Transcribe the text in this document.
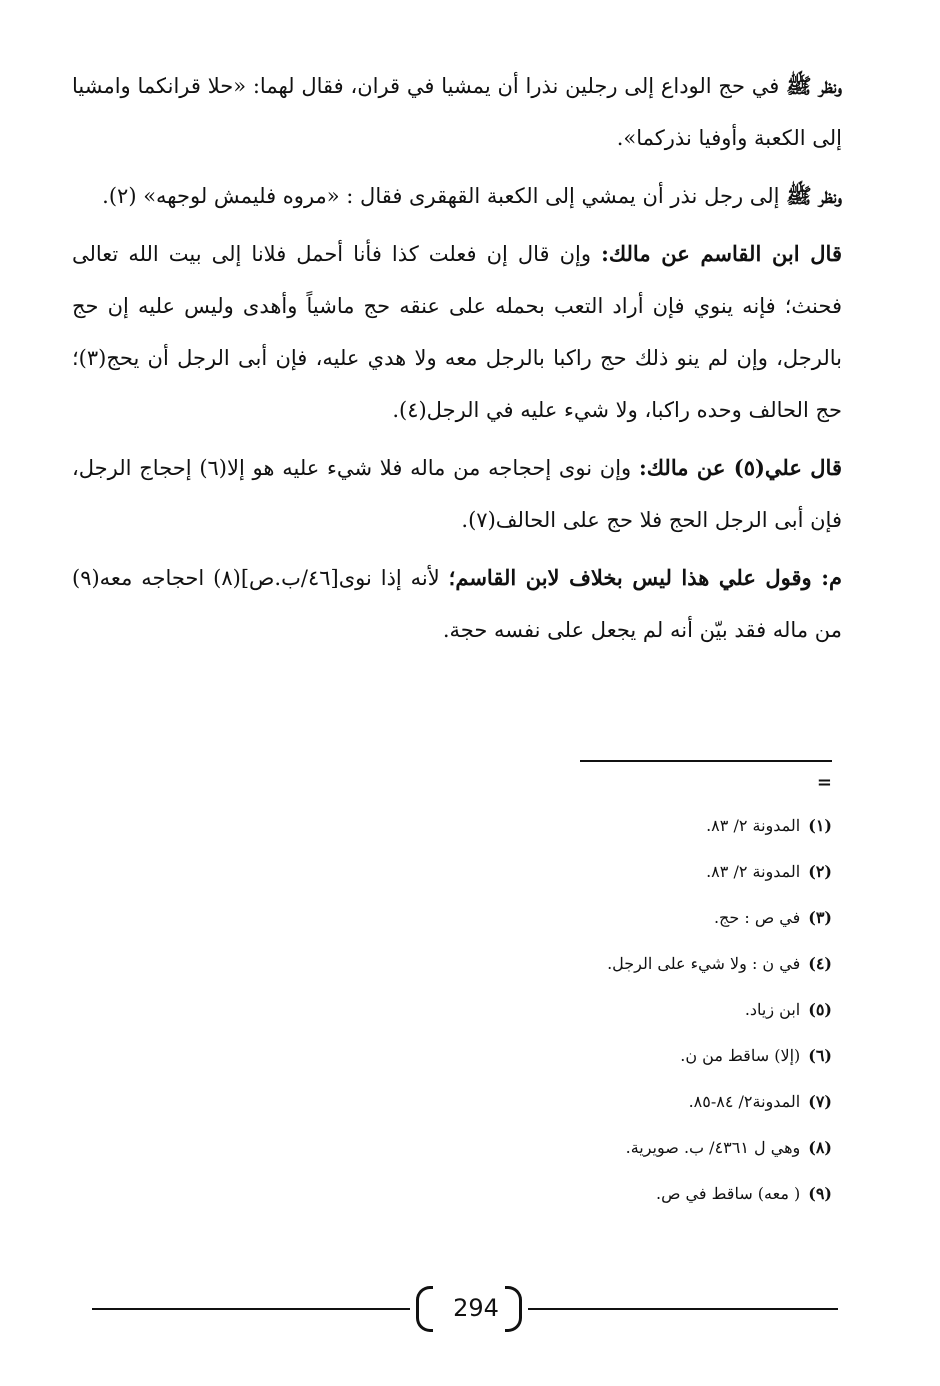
ونظر ﷺ في حج الوداع إلى رجلين نذرا أن يمشيا في قران، فقال لهما: «حلا قرانكما وامشيا إلى الكعبة وأوفيا نذركما».

ونظر ﷺ إلى رجل نذر أن يمشي إلى الكعبة القهقرى فقال : «مروه فليمش لوجهه» (٢).

قال ابن القاسم عن مالك: وإن قال إن فعلت كذا فأنا أحمل فلانا إلى بيت الله تعالى فحنث؛ فإنه ينوي فإن أراد التعب بحمله على عنقه حج ماشياً وأهدى وليس عليه إن حج بالرجل، وإن لم ينو ذلك حج راكبا بالرجل معه ولا هدي عليه، فإن أبى الرجل أن يحج(٣)؛ حج الحالف وحده راكبا، ولا شيء عليه في الرجل(٤).

قال علي(٥) عن مالك: وإن نوى إحجاجه من ماله فلا شيء عليه هو إلا(٦) إحجاج الرجل، فإن أبى الرجل الحج فلا حج على الحالف(٧).

م: وقول علي هذا ليس بخلاف لابن القاسم؛ لأنه إذا نوى[٤٦/ب.ص](٨) احجاجه معه(٩) من ماله فقد بيّن أنه لم يجعل على نفسه حجة.

=
(١)المدونة ٢/ ٨٣.
(٢)المدونة ٢/ ٨٣.
(٣)في ص : حج.
(٤)في ن : ولا شيء على الرجل.
(٥)ابن زياد.
(٦)(إلا) ساقط من ن.
(٧)المدونة٢/ ٨٤-٨٥.
(٨)وهي ل ٤٣٦١/ ب. صويرية.
(٩)( معه) ساقط في ص.
294
